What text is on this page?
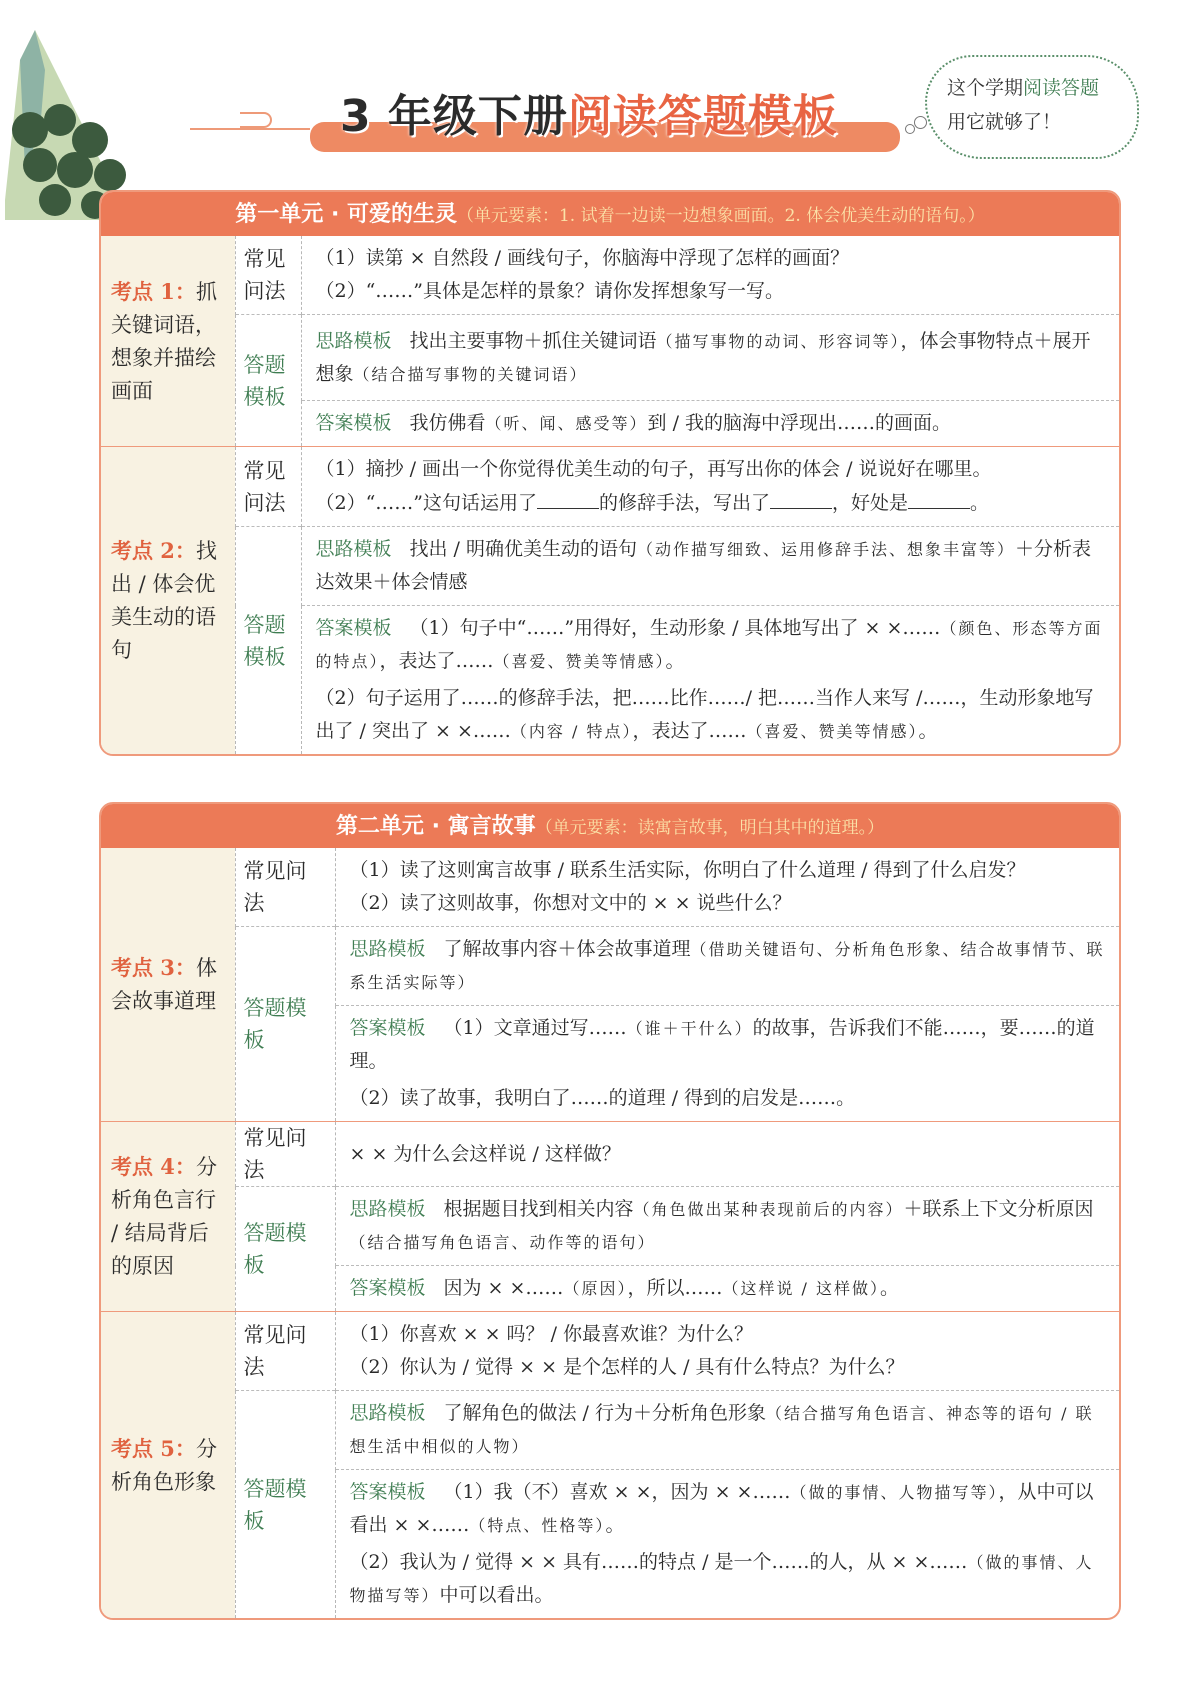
3 年级下册阅读答题模板
这个学期阅读答题
用它就够了！
第一单元 · 可爱的生灵（单元要素：1. 试着一边读一边想象画面。2. 体会优美生动的语句。）
考点 1：抓关键词语，想象并描绘画面	常见问法	（1）读第 × 自然段 / 画线句子，你脑海中浮现了怎样的画面？
（2）“……”具体是怎样的景象？请你发挥想象写一写。

	答题模板	思路模板 找出主要事物＋抓住关键词语（描写事物的动词、形容词等），体会事物特点＋展开想象（结合描写事物的关键词语）
		答案模板 我仿佛看（听、闻、感受等）到 / 我的脑海中浮现出……的画面。
考点 2：找出 / 体会优美生动的语句	常见问法	（1）摘抄 / 画出一个你觉得优美生动的句子，再写出你的体会 / 说说好在哪里。
（2）“……”这句话运用了 的修辞手法，写出了 ，好处是 。

	答题模板	思路模板 找出 / 明确优美生动的语句（动作描写细致、运用修辞手法、想象丰富等）＋分析表达效果＋体会情感

		答案模板 （1）句子中“……”用得好，生动形象 / 具体地写出了 × ×……（颜色、形态等方面的特点），表达了……（喜爱、赞美等情感）。
（2）句子运用了……的修辞手法，把……比作……/ 把……当作人来写 /……，生动形象地写出了 / 突出了 × ×……（内容 / 特点），表达了……（喜爱、赞美等情感）。
第二单元 · 寓言故事（单元要素：读寓言故事，明白其中的道理。）
考点 3：体会故事道理	常见问法	（1）读了这则寓言故事 / 联系生活实际，你明白了什么道理 / 得到了什么启发？
（2）读了这则故事，你想对文中的 × × 说些什么？

	答题模板	思路模板 了解故事内容＋体会故事道理（借助关键语句、分析角色形象、结合故事情节、联系生活实际等）

		答案模板 （1）文章通过写……（谁＋干什么）的故事，告诉我们不能……，要……的道理。
（2）读了故事，我明白了……的道理 / 得到的启发是……。

考点 4：分析角色言行 / 结局背后的原因	常见问法	× × 为什么会这样说 / 这样做？

	答题模板	思路模板 根据题目找到相关内容（角色做出某种表现前后的内容）＋联系上下文分析原因（结合描写角色语言、动作等的语句）
		答案模板 因为 × ×……（原因），所以……（这样说 / 这样做）。
考点 5：分析角色形象	常见问法	（1）你喜欢 × × 吗？ / 你最喜欢谁？为什么？
（2）你认为 / 觉得 × × 是个怎样的人 / 具有什么特点？为什么？

	答题模板	思路模板 了解角色的做法 / 行为＋分析角色形象（结合描写角色语言、神态等的语句 / 联想生活中相似的人物）

		答案模板 （1）我（不）喜欢 × ×，因为 × ×……（做的事情、人物描写等），从中可以看出 × ×……（特点、性格等）。
（2）我认为 / 觉得 × × 具有……的特点 / 是一个……的人，从 × ×……（做的事情、人物描写等）中可以看出。
